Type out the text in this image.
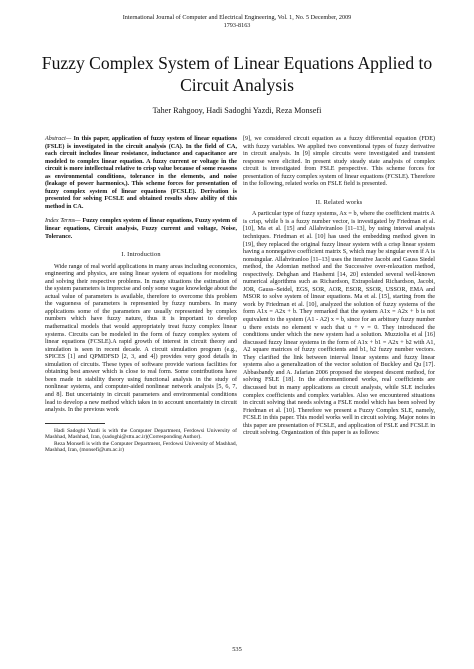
International Journal of Computer and Electrical Engineering, Vol. 1, No. 5 December, 2009
1793-8163
Fuzzy Complex System of Linear Equations Applied to Circuit Analysis
Taher Rahgooy, Hadi Sadoghi Yazdi, Reza Monsefi

Abstract— In this paper, application of fuzzy system of linear equations (FSLE) is investigated in the circuit analysis (CA). In the field of CA, each circuit includes linear resistance, inductance and capacitance are modeled to complex linear equation. A fuzzy current or voltage in the circuit is more intellectual relative to crisp value because of some reasons as environmental conditions, tolerance in the elements, and noise (leakage of power harmonics,). This scheme forces for presentation of fuzzy complex system of linear equations (FCSLE). Derivation is presented for solving FCSLE and obtained results show ability of this method in CA.

Index Terms— Fuzzy complex system of linear equations, Fuzzy system of linear equations, Circuit analysis, Fuzzy current and voltage, Noise, Tolerance.

I. Introduction

Wide range of real world applications in many areas including economics, engineering and physics, are using linear system of equations for modeling and solving their respective problems. In many situations the estimation of the system parameters is imprecise and only some vague knowledge about the actual value of parameters is available, therefore to overcome this problem the vagueness of parameters is represented by fuzzy numbers. In many applications some of the parameters are usually represented by complex numbers which have fuzzy nature, thus it is important to develop mathematical models that would appropriately treat fuzzy complex linear systems. Circuits can be modeled in the form of fuzzy complex system of linear equations (FCSLE).A rapid growth of interest in circuit theory and simulation is seen in recent decade. A circuit simulation program (e.g., SPICES [1] and QPMDFSD [2, 3, and 4]) provides very good details in simulation of circuits. These types of software provide various facilities for obtaining best answer which is close to real form. Some contributions have been made in stability theory using functional analysis in the study of nonlinear systems, and computer-aided nonlinear network analysis [5, 6, 7, and 8]. But uncertainty in circuit parameters and environmental conditions lead to develop a new method which takes in to account uncertainty in circuit analysis. In the previous work

Hadi Sadoghi Yazdi is with the Computer Department, Ferdowsi University of Mashhad, Mashhad, Iran, (sadoghi@sttu.ac.ir)(Corresponding Author).

Reza Monsefi is with the Computer Department, Ferdowsi University of Mashhad, Mashhad, Iran, (monsefi@um.ac.ir)

[9], we considered circuit equation as a fuzzy differential equation (FDE) with fuzzy variables. We applied two conventional types of fuzzy derivative in circuit analysis. In [9] simple circuits were investigated and transient response were elicited. In present study steady state analysis of complex circuit is investigated from FSLE perspective. This scheme forces for presentation of fuzzy complex system of linear equations (FCSLE). Therefore in the following, related works on FSLE field is presented.

II. Related works

A particular type of fuzzy systems, Ax = b, where the coefficient matrix A is crisp, while b is a fuzzy number vector, is investigated by Friedman et al. [10], Ma et al. [15] and Allahviranloo [11–13], by using interval analysis techniques. Friedman et al. [10] has used the embedding method given in [19], they replaced the original fuzzy linear system with a crisp linear system having a nonnegative coefficient matrix S, which may be singular even if A is nonsingular. Allahviranloo [11–13] uses the iterative Jacobi and Gauss Siedel method, the Adomian method and the Successive over-relaxation method, respectively. Dehghan and Hashemi [14, 20] extended several well-known numerical algorithms such as Richardson, Extrapolated Richardson, Jacobi, JOR, Gauss–Seidel, EGS, SOR, AOR, ESOR, SSOR, USSOR, EMA and MSOR to solve system of linear equations. Ma et al. [15], starting from the work by Friedman et al. [10], analyzed the solution of fuzzy systems of the form A1x = A2x + b. They remarked that the system A1x = A2x + b is not equivalent to the system (A1 - A2) x = b, since for an arbitrary fuzzy number u there exists no element v such that u + v = 0. They introduced the conditions under which the new system had a solution. Muzziolia et al [16] discussed fuzzy linear systems in the form of A1x + b1 = A2x + b2 with A1, A2 square matrices of fuzzy coefficients and b1, b2 fuzzy number vectors. They clarified the link between interval linear systems and fuzzy linear systems also a generalization of the vector solution of Buckley and Qu [17]. Abbasbandy and A. Jafarian 2006 proposed the steepest descent method, for solving FSLE [18]. In the aforementioned works, real coefficients are discussed but in many applications as circuit analysis, while SLE includes complex coefficients and complex variables. Also we encountered situations in circuit solving that needs solving a FSLE model which has been solved by Friedman et al. [10]. Therefore we present a Fuzzy Complex SLE, namely, FCSLE in this paper. This model works well in circuit solving. Major notes in this paper are presentation of FCSLE, and application of FSLE and FCSLE in circuit solving. Organization of this paper is as follows:

535
